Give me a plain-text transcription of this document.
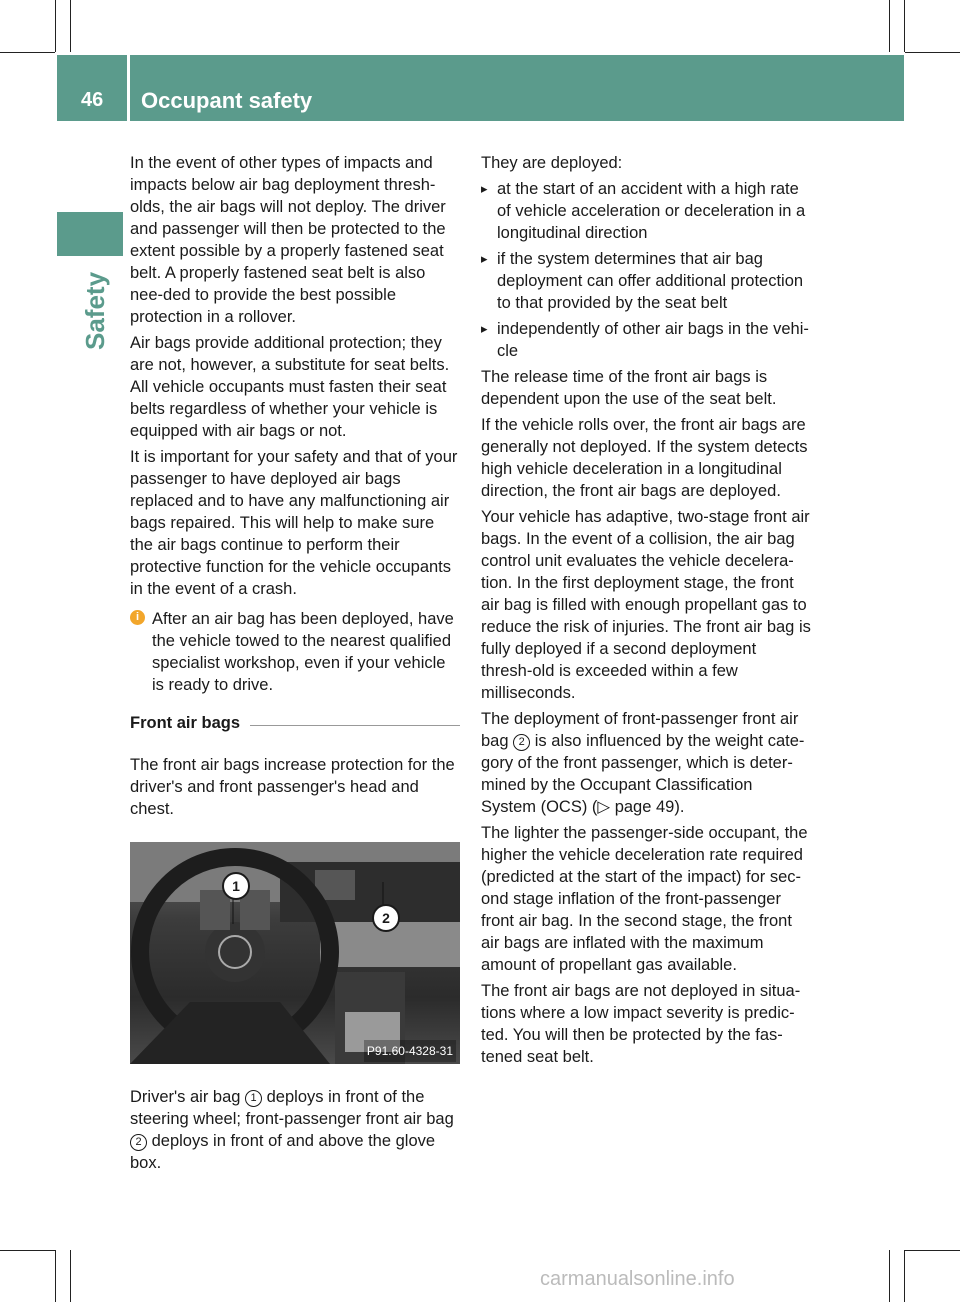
46 Occupant safety
Safety

In the event of other types of impacts and impacts below air bag deployment thresh-olds, the air bags will not deploy. The driver and passenger will then be protected to the extent possible by a properly fastened seat belt. A properly fastened seat belt is also nee-ded to provide the best possible protection in a rollover.

Air bags provide additional protection; they are not, however, a substitute for seat belts. All vehicle occupants must fasten their seat belts regardless of whether your vehicle is equipped with air bags or not.

It is important for your safety and that of your passenger to have deployed air bags replaced and to have any malfunctioning air bags repaired. This will help to make sure the air bags continue to perform their protective function for the vehicle occupants in the event of a crash.

i After an air bag has been deployed, have the vehicle towed to the nearest qualified specialist workshop, even if your vehicle is ready to drive.
Front air bags

The front air bags increase protection for the driver's and front passenger's head and chest.

1
2
P91.60-4328-31

Driver's air bag 1 deploys in front of the steering wheel; front-passenger front air bag 2 deploys in front of and above the glove box.

They are deployed:

▸ at the start of an accident with a high rate of vehicle acceleration or deceleration in a longitudinal direction

▸ if the system determines that air bag deployment can offer additional protection to that provided by the seat belt

▸ independently of other air bags in the vehi-cle

The release time of the front air bags is dependent upon the use of the seat belt.

If the vehicle rolls over, the front air bags are generally not deployed. If the system detects high vehicle deceleration in a longitudinal direction, the front air bags are deployed.

Your vehicle has adaptive, two-stage front air bags. In the event of a collision, the air bag control unit evaluates the vehicle decelera-tion. In the first deployment stage, the front air bag is filled with enough propellant gas to reduce the risk of injuries. The front air bag is fully deployed if a second deployment thresh-old is exceeded within a few milliseconds.

The deployment of front-passenger front air bag 2 is also influenced by the weight cate-gory of the front passenger, which is deter-mined by the Occupant Classification System (OCS) (▷ page 49).

The lighter the passenger-side occupant, the higher the vehicle deceleration rate required (predicted at the start of the impact) for sec-ond stage inflation of the front-passenger front air bag. In the second stage, the front air bags are inflated with the maximum amount of propellant gas available.

The front air bags are not deployed in situa-tions where a low impact severity is predic-ted. You will then be protected by the fas-tened seat belt.

carmanualsonline.info
